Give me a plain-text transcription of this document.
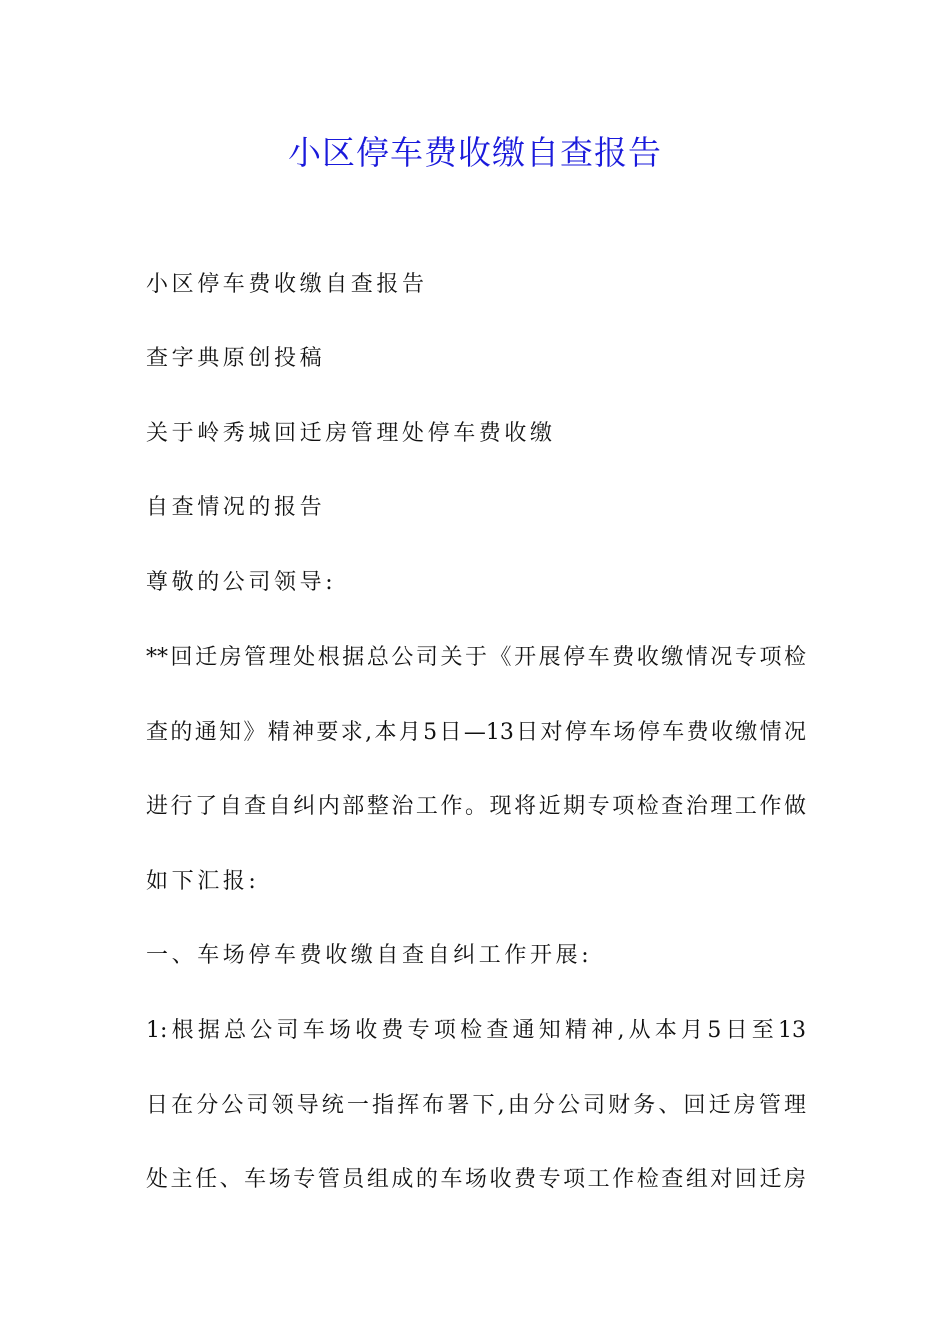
小区停车费收缴自查报告
小区停车费收缴自查报告
查字典原创投稿
关于岭秀城回迁房管理处停车费收缴
自查情况的报告
尊敬的公司领导:
**回迁房管理处根据总公司关于《开展停车费收缴情况专项检
查的通知》精神要求,本月5日—13日对停车场停车费收缴情况
进行了自查自纠内部整治工作。现将近期专项检查治理工作做
如下汇报:
一、车场停车费收缴自查自纠工作开展:
1:根据总公司车场收费专项检查通知精神,从本月5日至13
日在分公司领导统一指挥布署下,由分公司财务、回迁房管理
处主任、车场专管员组成的车场收费专项工作检查组对回迁房
